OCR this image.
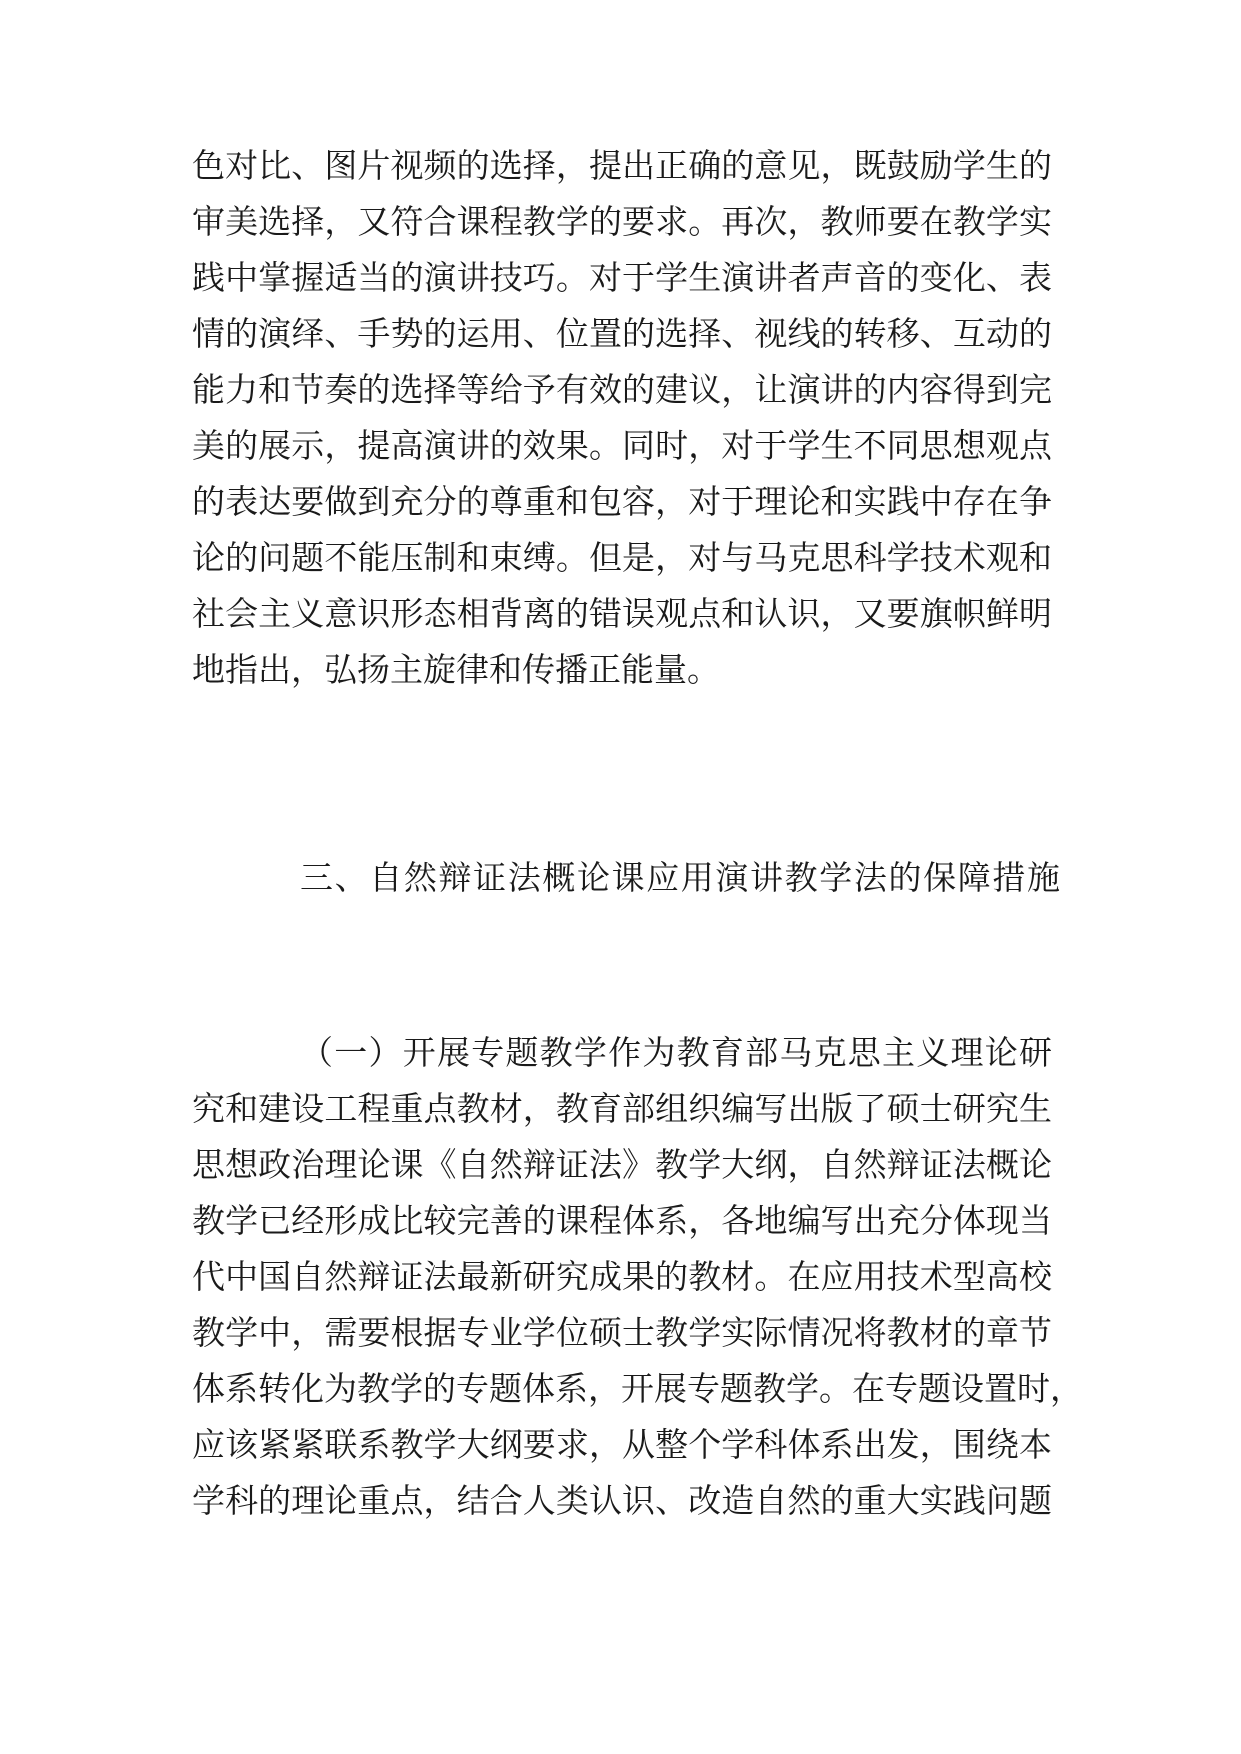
色对比、图片视频的选择，提出正确的意见，既鼓励学生的
审美选择，又符合课程教学的要求。再次，教师要在教学实
践中掌握适当的演讲技巧。对于学生演讲者声音的变化、表
情的演绎、手势的运用、位置的选择、视线的转移、互动的
能力和节奏的选择等给予有效的建议，让演讲的内容得到完
美的展示，提高演讲的效果。同时，对于学生不同思想观点
的表达要做到充分的尊重和包容，对于理论和实践中存在争
论的问题不能压制和束缚。但是，对与马克思科学技术观和
社会主义意识形态相背离的错误观点和认识，又要旗帜鲜明
地指出，弘扬主旋律和传播正能量。
三、自然辩证法概论课应用演讲教学法的保障措施
（一）开展专题教学作为教育部马克思主义理论研
究和建设工程重点教材，教育部组织编写出版了硕士研究生
思想政治理论课《自然辩证法》教学大纲，自然辩证法概论
教学已经形成比较完善的课程体系，各地编写出充分体现当
代中国自然辩证法最新研究成果的教材。在应用技术型高校
教学中，需要根据专业学位硕士教学实际情况将教材的章节
体系转化为教学的专题体系，开展专题教学。在专题设置时，
应该紧紧联系教学大纲要求，从整个学科体系出发，围绕本
学科的理论重点，结合人类认识、改造自然的重大实践问题
